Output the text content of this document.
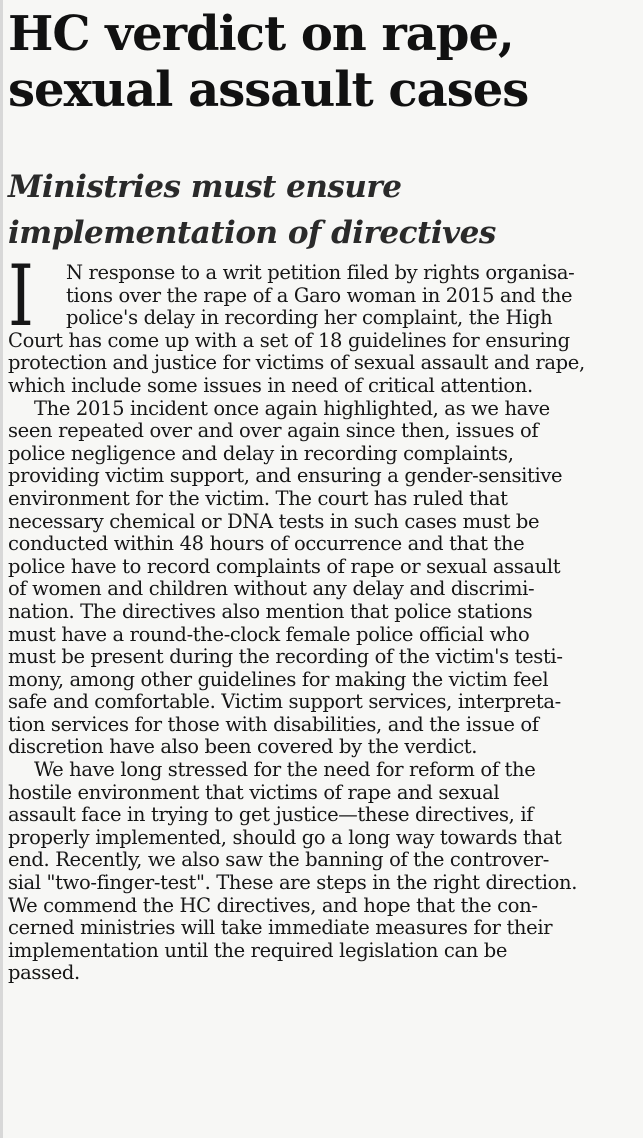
HC verdict on rape,
sexual assault cases
Ministries must ensure
implementation of directives
I	N response to a writ petition filed by rights organisa-
tions over the rape of a Garo woman in 2015 and the
police's delay in recording her complaint, the High
Court has come up with a set of 18 guidelines for ensuring
protection and justice for victims of sexual assault and rape,
which include some issues in need of critical attention.
The 2015 incident once again highlighted, as we have
seen repeated over and over again since then, issues of
police negligence and delay in recording complaints,
providing victim support, and ensuring a gender-sensitive
environment for the victim. The court has ruled that
necessary chemical or DNA tests in such cases must be
conducted within 48 hours of occurrence and that the
police have to record complaints of rape or sexual assault
of women and children without any delay and discrimi-
nation. The directives also mention that police stations
must have a round-the-clock female police official who
must be present during the recording of the victim's testi-
mony, among other guidelines for making the victim feel
safe and comfortable. Victim support services, interpreta-
tion services for those with disabilities, and the issue of
discretion have also been covered by the verdict.
We have long stressed for the need for reform of the
hostile environment that victims of rape and sexual
assault face in trying to get justice—these directives, if
properly implemented, should go a long way towards that
end. Recently, we also saw the banning of the controver-
sial "two-finger-test". These are steps in the right direction.
We commend the HC directives, and hope that the con-
cerned ministries will take immediate measures for their
implementation until the required legislation can be
passed.
